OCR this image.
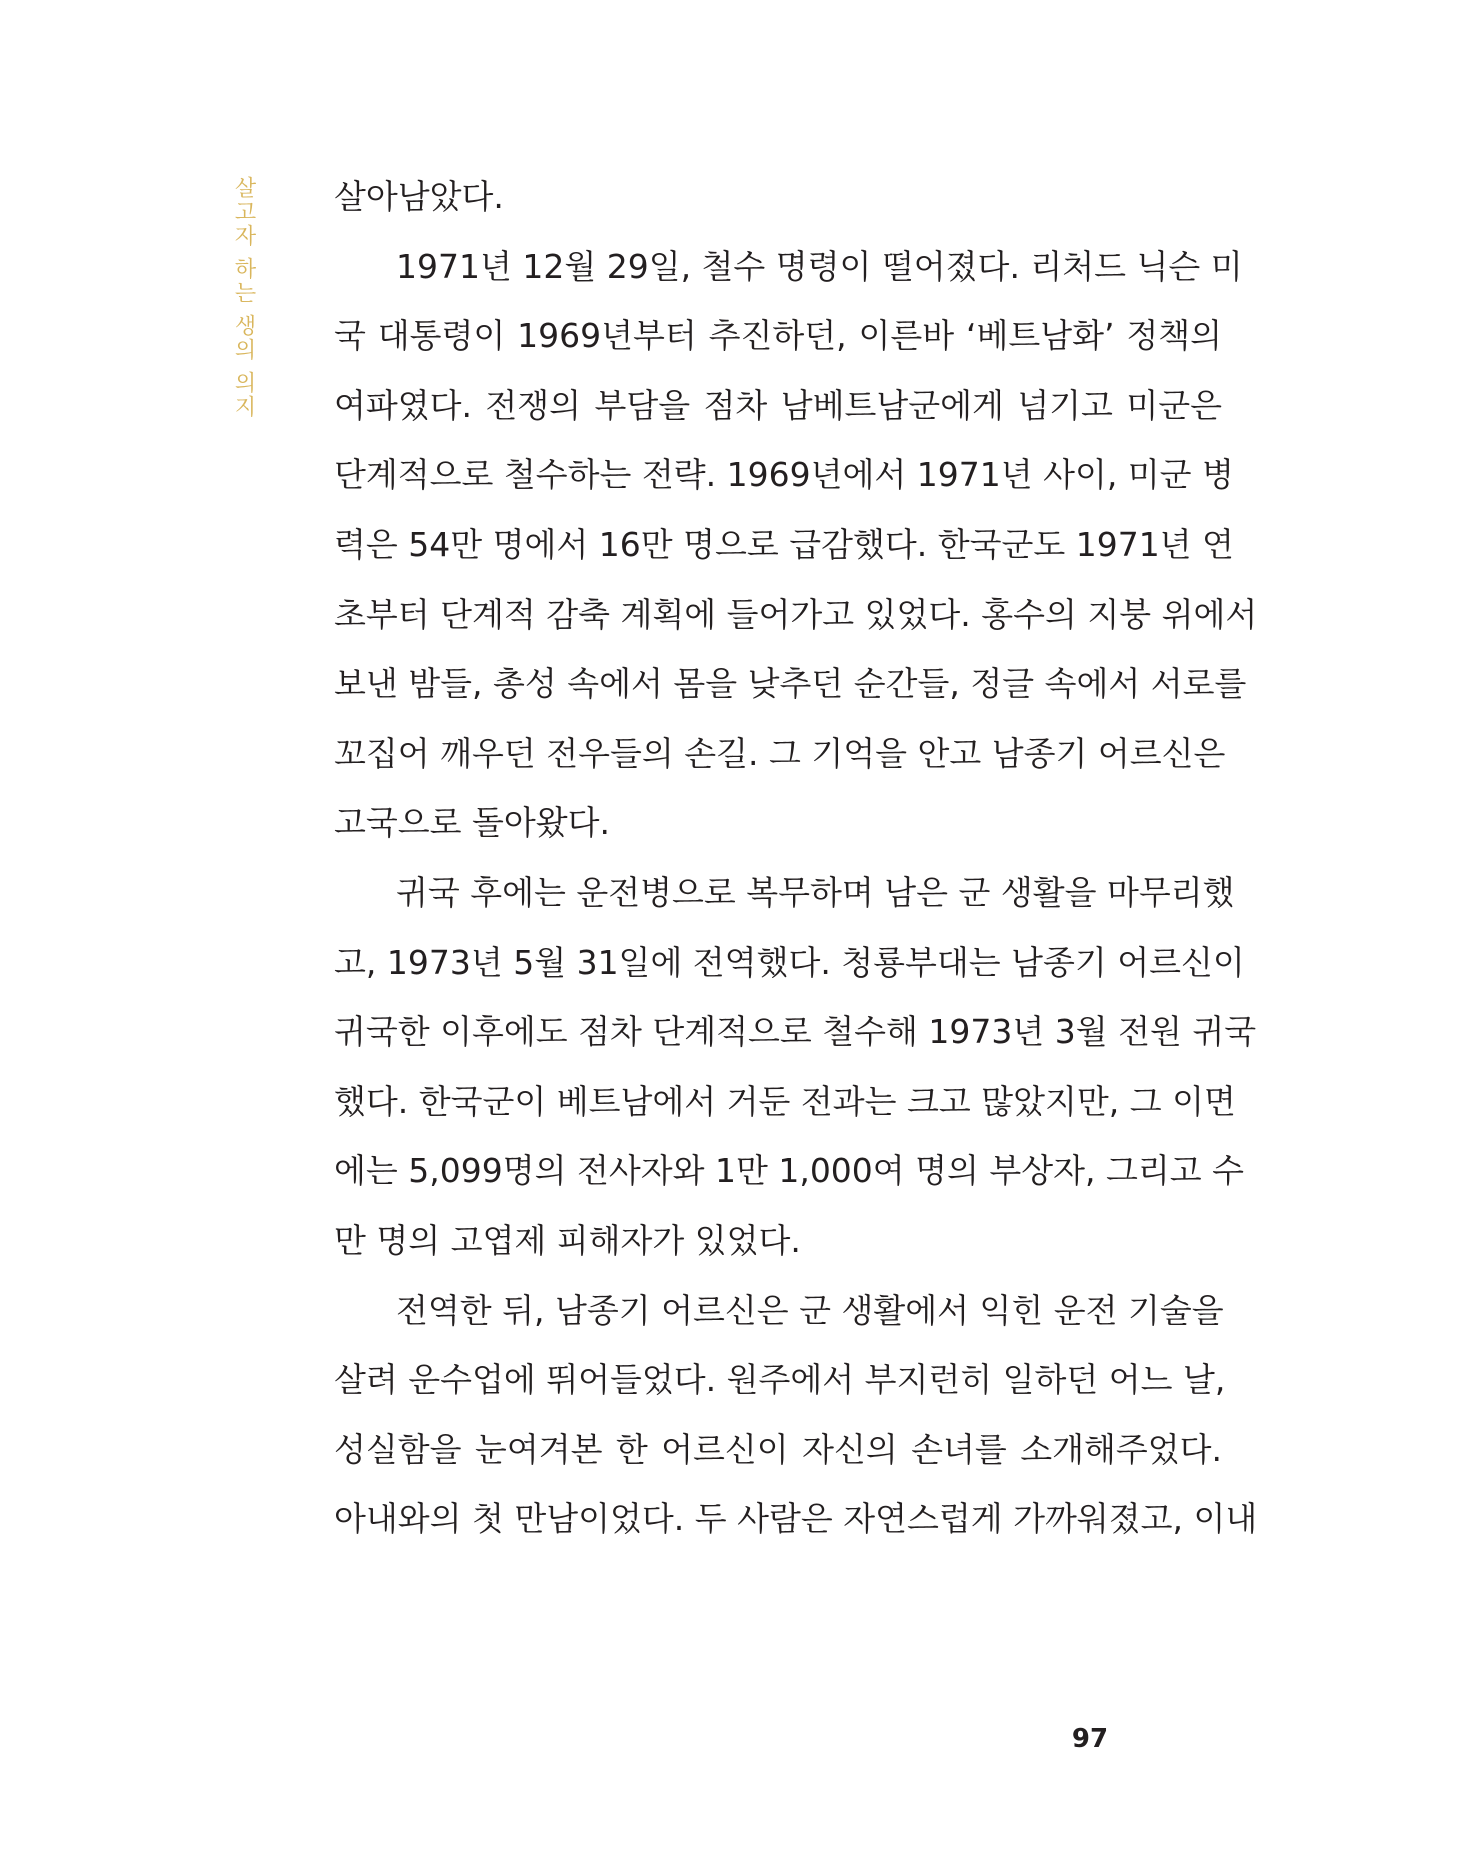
살고자 하는 생의 의지 살아남았다.
1971년 12월 29일, 철수 명령이 떨어졌다. 리처드 닉슨 미
국 대통령이 1969년부터 추진하던, 이른바 ‘베트남화’ 정책의
여파였다. 전쟁의 부담을 점차 남베트남군에게 넘기고 미군은
단계적으로 철수하는 전략. 1969년에서 1971년 사이, 미군 병
력은 54만 명에서 16만 명으로 급감했다. 한국군도 1971년 연
초부터 단계적 감축 계획에 들어가고 있었다. 홍수의 지붕 위에서
보낸 밤들, 총성 속에서 몸을 낮추던 순간들, 정글 속에서 서로를
꼬집어 깨우던 전우들의 손길. 그 기억을 안고 남종기 어르신은
고국으로 돌아왔다.
귀국 후에는 운전병으로 복무하며 남은 군 생활을 마무리했
고, 1973년 5월 31일에 전역했다. 청룡부대는 남종기 어르신이
귀국한 이후에도 점차 단계적으로 철수해 1973년 3월 전원 귀국
했다. 한국군이 베트남에서 거둔 전과는 크고 많았지만, 그 이면
에는 5,099명의 전사자와 1만 1,000여 명의 부상자, 그리고 수
만 명의 고엽제 피해자가 있었다.
전역한 뒤, 남종기 어르신은 군 생활에서 익힌 운전 기술을
살려 운수업에 뛰어들었다. 원주에서 부지런히 일하던 어느 날,
성실함을 눈여겨본 한 어르신이 자신의 손녀를 소개해주었다.
아내와의 첫 만남이었다. 두 사람은 자연스럽게 가까워졌고, 이내
97
